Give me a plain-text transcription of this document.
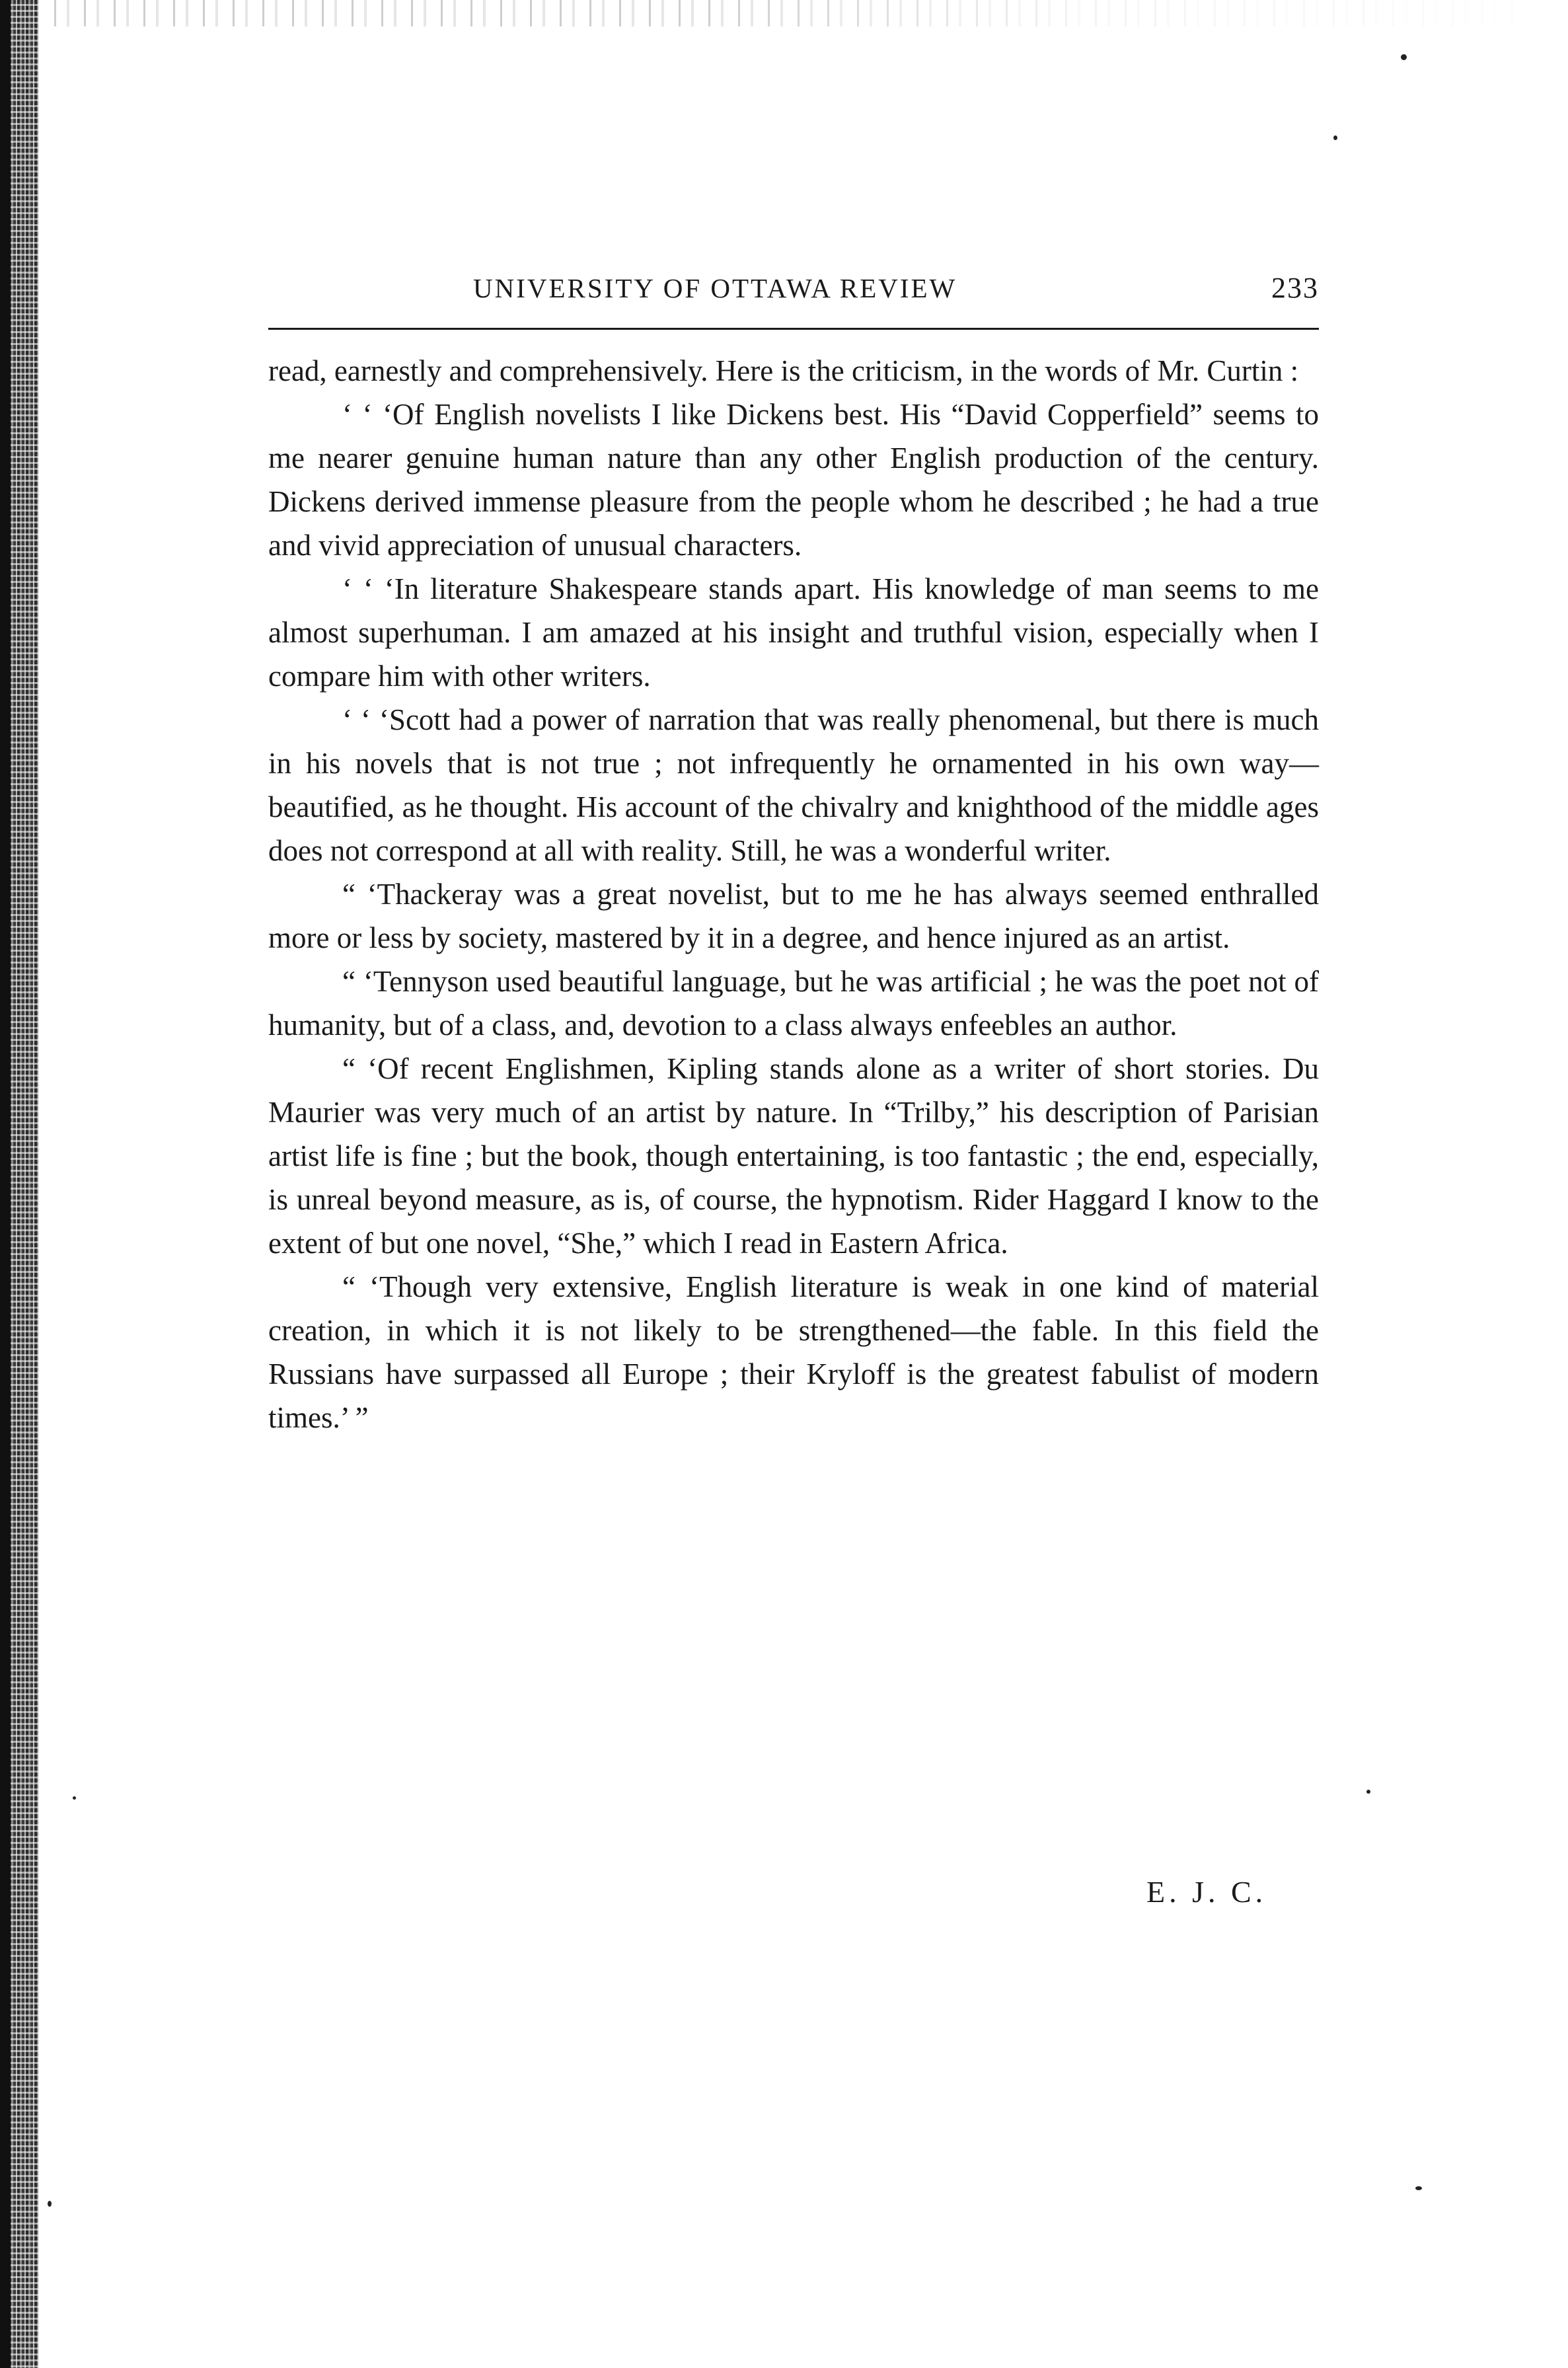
UNIVERSITY OF OTTAWA REVIEW	233

read, earnestly and comprehensively. Here is the criticism, in the words of Mr. Curtin :

‘ ‘ ‘Of English novelists I like Dickens best. His “David Copperfield” seems to me nearer genuine human nature than any other English production of the century. Dickens derived immense pleasure from the people whom he described ; he had a true and vivid appreciation of unusual characters.

‘ ‘ ‘In literature Shakespeare stands apart. His knowledge of man seems to me almost superhuman. I am amazed at his insight and truthful vision, especially when I compare him with other writers.

‘ ‘ ‘Scott had a power of narration that was really phenomenal, but there is much in his novels that is not true ; not infrequently he ornamented in his own way—beautified, as he thought. His account of the chivalry and knighthood of the middle ages does not correspond at all with reality. Still, he was a wonderful writer.

“ ‘Thackeray was a great novelist, but to me he has always seemed enthralled more or less by society, mastered by it in a degree, and hence injured as an artist.

“ ‘Tennyson used beautiful language, but he was artificial ; he was the poet not of humanity, but of a class, and, devotion to a class always enfeebles an author.

“ ‘Of recent Englishmen, Kipling stands alone as a writer of short stories. Du Maurier was very much of an artist by nature. In “Trilby,” his description of Parisian artist life is fine ; but the book, though entertaining, is too fantastic ; the end, especially, is unreal beyond measure, as is, of course, the hypnotism. Rider Haggard I know to the extent of but one novel, “She,” which I read in Eastern Africa.

“ ‘Though very extensive, English literature is weak in one kind of material creation, in which it is not likely to be strengthened—the fable. In this field the Russians have surpassed all Europe ; their Kryloff is the greatest fabulist of modern times.’ ”

E. J. C.
